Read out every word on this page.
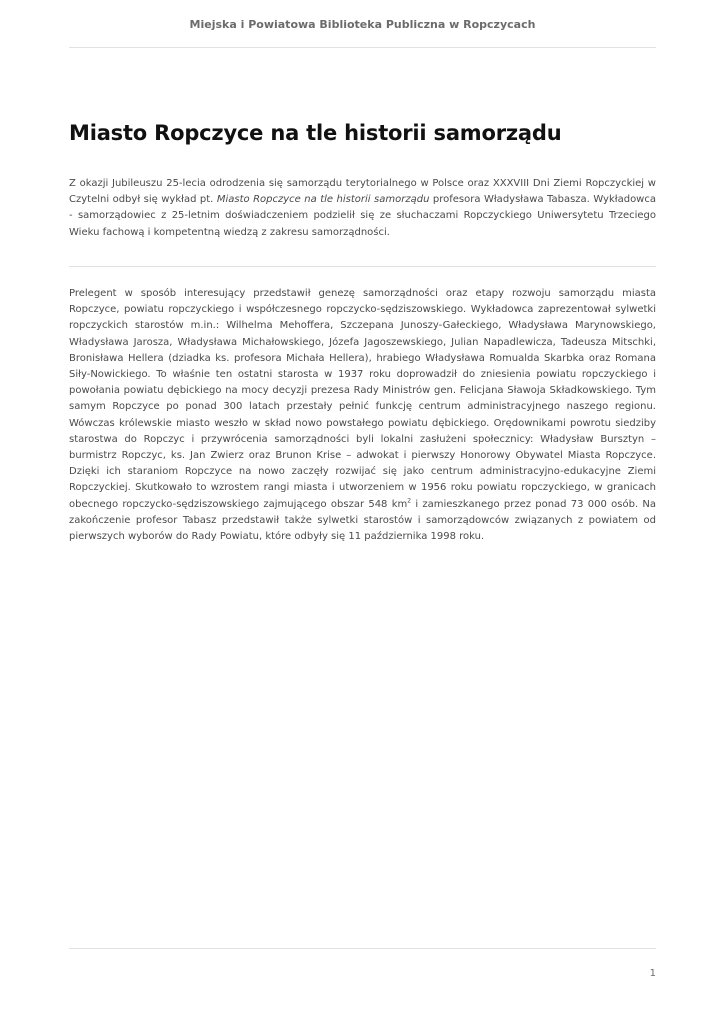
Miejska i Powiatowa Biblioteka Publiczna w Ropczycach
Miasto Ropczyce na tle historii samorządu

Z okazji Jubileuszu 25-lecia odrodzenia się samorządu terytorialnego w Polsce oraz XXXVIII Dni Ziemi Ropczyckiej w Czytelni odbył się wykład pt. Miasto Ropczyce na tle historii samorządu profesora Władysława Tabasza. Wykładowca - samorządowiec z 25-letnim doświadczeniem podzielił się ze słuchaczami Ropczyckiego Uniwersytetu Trzeciego Wieku fachową i kompetentną wiedzą z zakresu samorządności.

Prelegent w sposób interesujący przedstawił genezę samorządności oraz etapy rozwoju samorządu miasta Ropczyce, powiatu ropczyckiego i współczesnego ropczycko-sędziszowskiego. Wykładowca zaprezentował sylwetki ropczyckich starostów m.in.: Wilhelma Mehoffera, Szczepana Junoszy-Gałeckiego, Władysława Marynowskiego, Władysława Jarosza, Władysława Michałowskiego, Józefa Jagoszewskiego, Julian Napadlewicza, Tadeusza Mitschki, Bronisława Hellera (dziadka ks. profesora Michała Hellera), hrabiego Władysława Romualda Skarbka oraz Romana Siły-Nowickiego. To właśnie ten ostatni starosta w 1937 roku doprowadził do zniesienia powiatu ropczyckiego i powołania powiatu dębickiego na mocy decyzji prezesa Rady Ministrów gen. Felicjana Sławoja Składkowskiego. Tym samym Ropczyce po ponad 300 latach przestały pełnić funkcję centrum administracyjnego naszego regionu. Wówczas królewskie miasto weszło w skład nowo powstałego powiatu dębickiego. Orędownikami powrotu siedziby starostwa do Ropczyc i przywrócenia samorządności byli lokalni zasłużeni społecznicy: Władysław Bursztyn – burmistrz Ropczyc, ks. Jan Zwierz oraz Brunon Krise – adwokat i pierwszy Honorowy Obywatel Miasta Ropczyce. Dzięki ich staraniom Ropczyce na nowo zaczęły rozwijać się jako centrum administracyjno-edukacyjne Ziemi Ropczyckiej. Skutkowało to wzrostem rangi miasta i utworzeniem w 1956 roku powiatu ropczyckiego, w granicach obecnego ropczycko-sędziszowskiego zajmującego obszar 548 $km^2$ i zamieszkanego przez ponad 73 000 osób. Na zakończenie profesor Tabasz przedstawił także sylwetki starostów i samorządowców związanych z powiatem od pierwszych wyborów do Rady Powiatu, które odbyły się 11 października 1998 roku.

1
